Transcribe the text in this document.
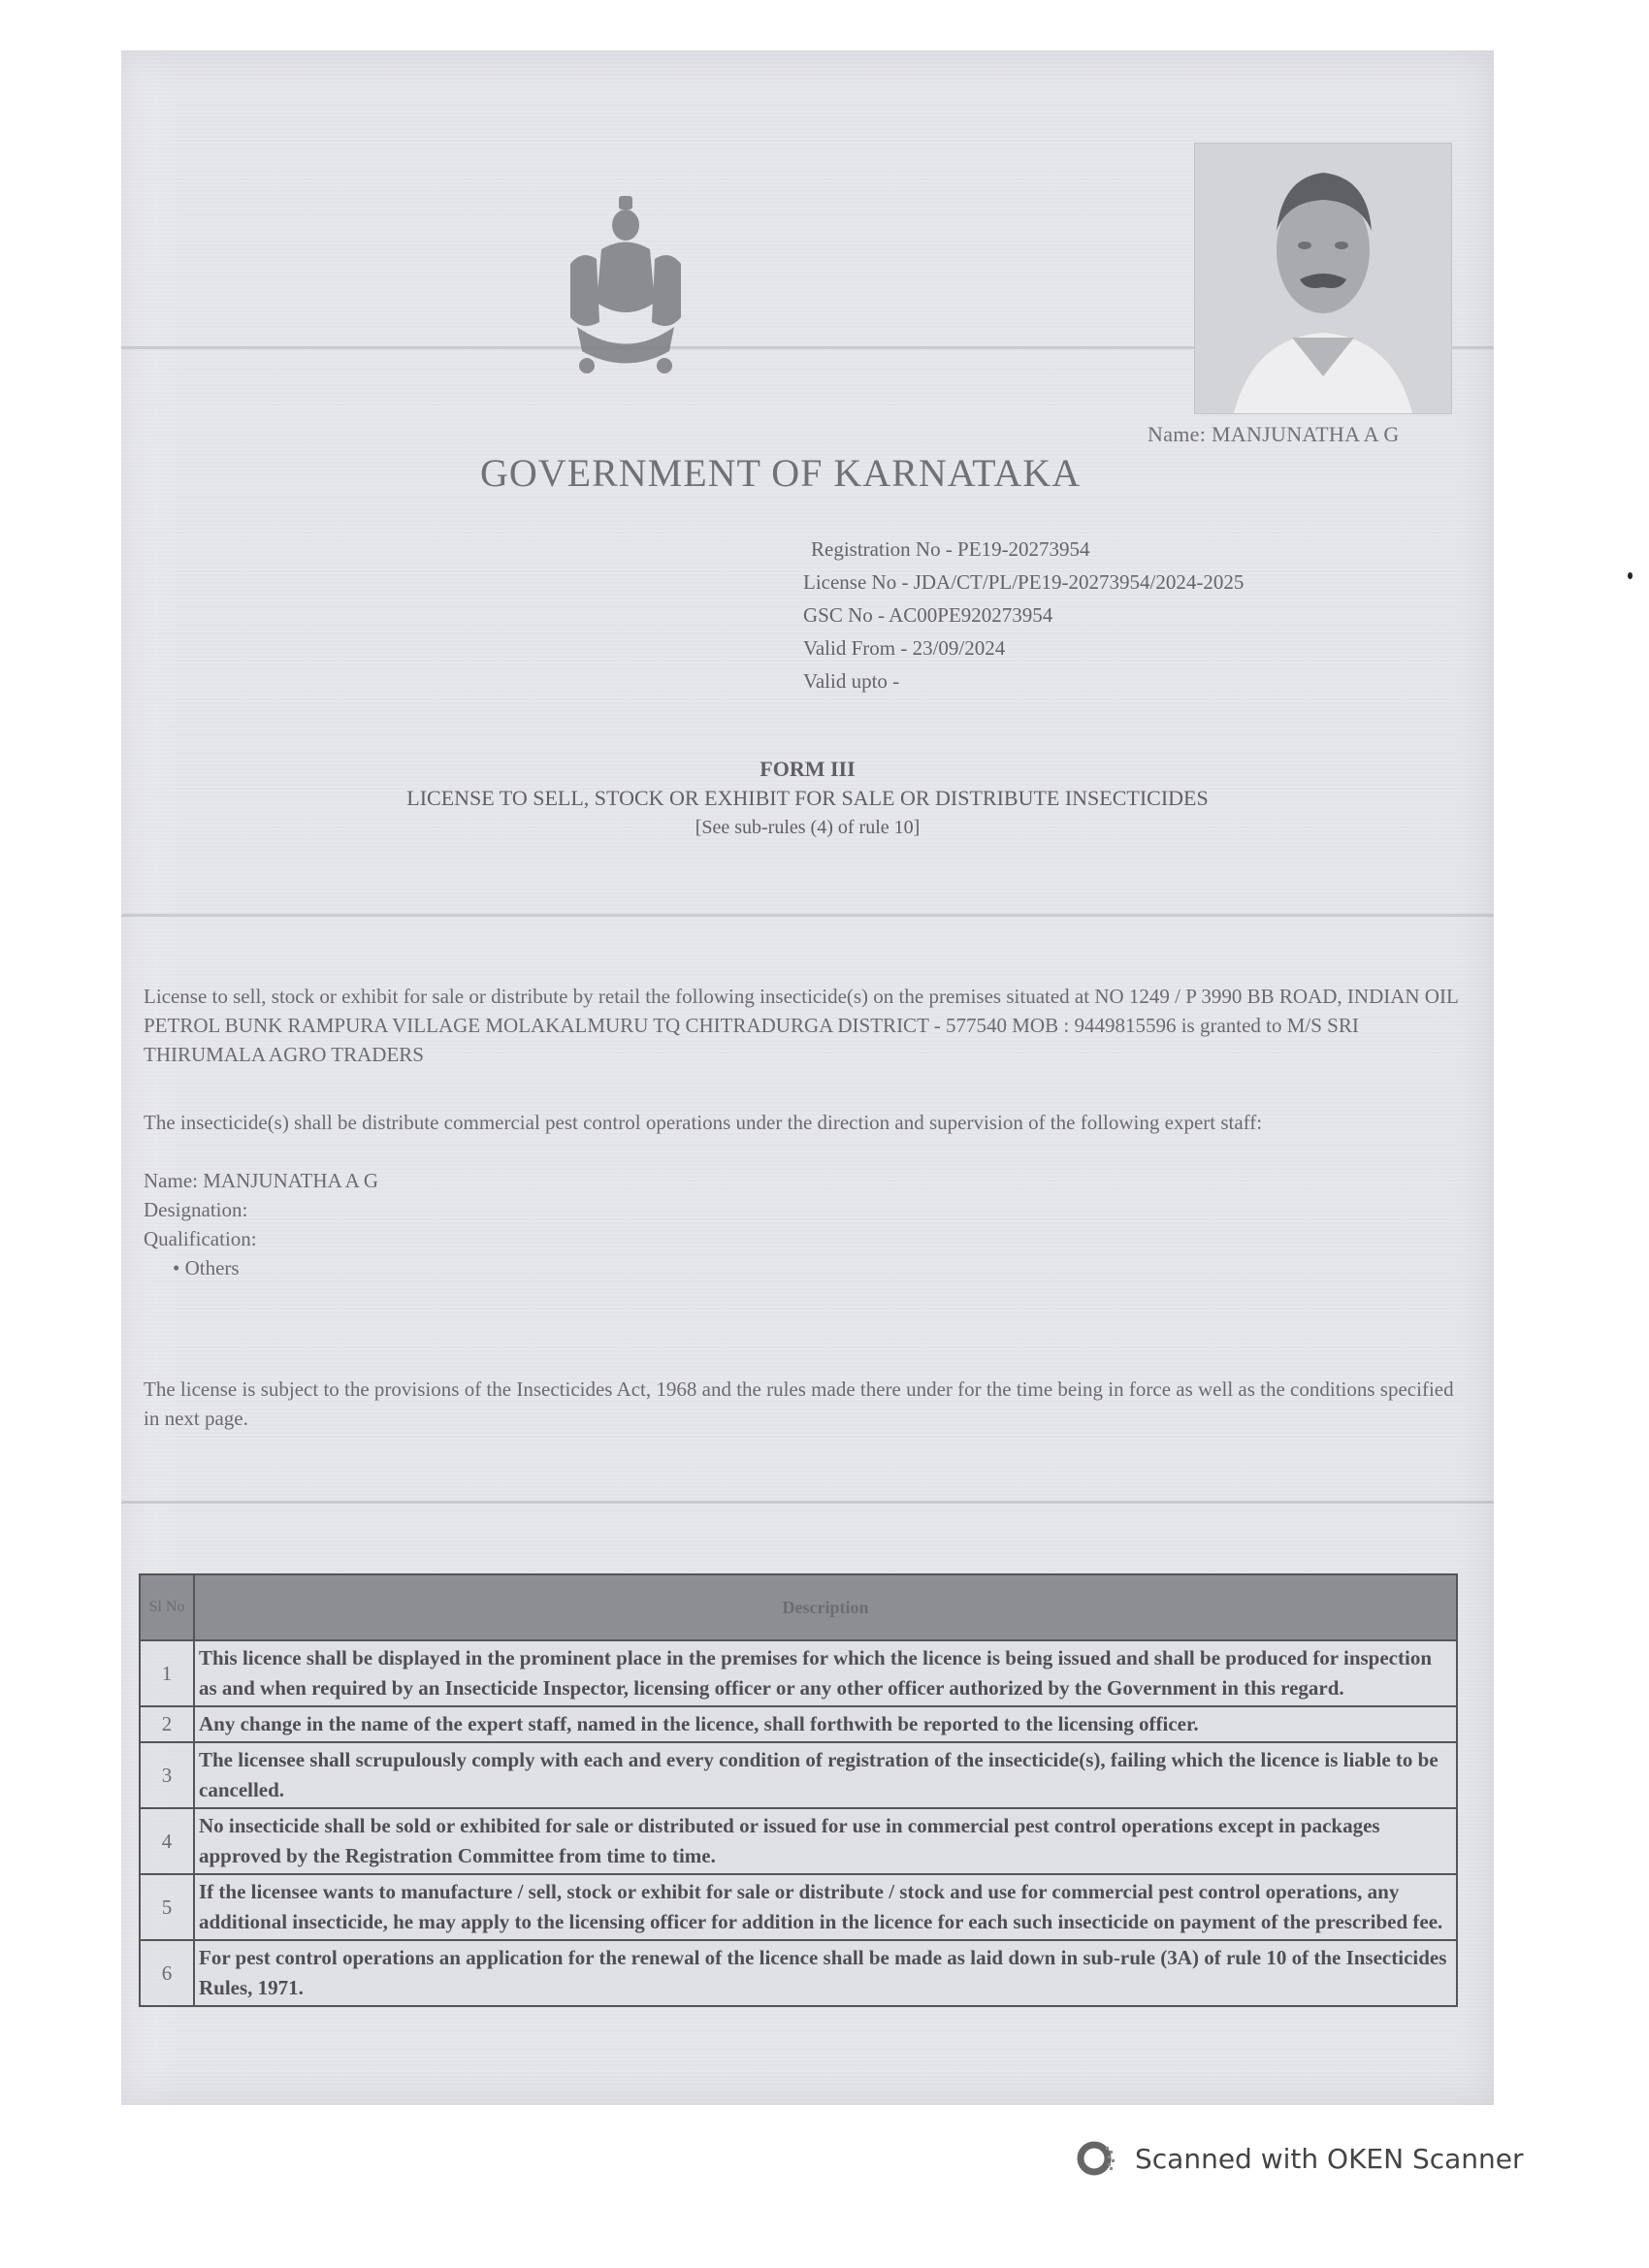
Name: MANJUNATHA A G
GOVERNMENT OF KARNATAKA
Registration No - PE19-20273954
License No - JDA/CT/PL/PE19-20273954/2024-2025
GSC No - AC00PE920273954
Valid From - 23/09/2024
Valid upto -
FORM III
LICENSE TO SELL, STOCK OR EXHIBIT FOR SALE OR DISTRIBUTE INSECTICIDES
[See sub-rules (4) of rule 10]
License to sell, stock or exhibit for sale or distribute by retail the following insecticide(s) on the premises situated at NO 1249 / P 3990 BB ROAD, INDIAN OIL PETROL BUNK RAMPURA VILLAGE MOLAKALMURU TQ CHITRADURGA DISTRICT - 577540 MOB : 9449815596 is granted to M/S SRI THIRUMALA AGRO TRADERS
The insecticide(s) shall be distribute commercial pest control operations under the direction and supervision of the following expert staff:
Name: MANJUNATHA A G
Designation:
Qualification:
• Others
The license is subject to the provisions of the Insecticides Act, 1968 and the rules made there under for the time being in force as well as the conditions specified in next page.
Sl No	Description
1	This licence shall be displayed in the prominent place in the premises for which the licence is being issued and shall be produced for inspection as and when required by an Insecticide Inspector, licensing officer or any other officer authorized by the Government in this regard.
2	Any change in the name of the expert staff, named in the licence, shall forthwith be reported to the licensing officer.
3	The licensee shall scrupulously comply with each and every condition of registration of the insecticide(s), failing which the licence is liable to be cancelled.
4	No insecticide shall be sold or exhibited for sale or distributed or issued for use in commercial pest control operations except in packages approved by the Registration Committee from time to time.
5	If the licensee wants to manufacture / sell, stock or exhibit for sale or distribute / stock and use for commercial pest control operations, any additional insecticide, he may apply to the licensing officer for addition in the licence for each such insecticide on payment of the prescribed fee.
6	For pest control operations an application for the renewal of the licence shall be made as laid down in sub-rule (3A) of rule 10 of the Insecticides Rules, 1971.
Scanned with OKEN Scanner
